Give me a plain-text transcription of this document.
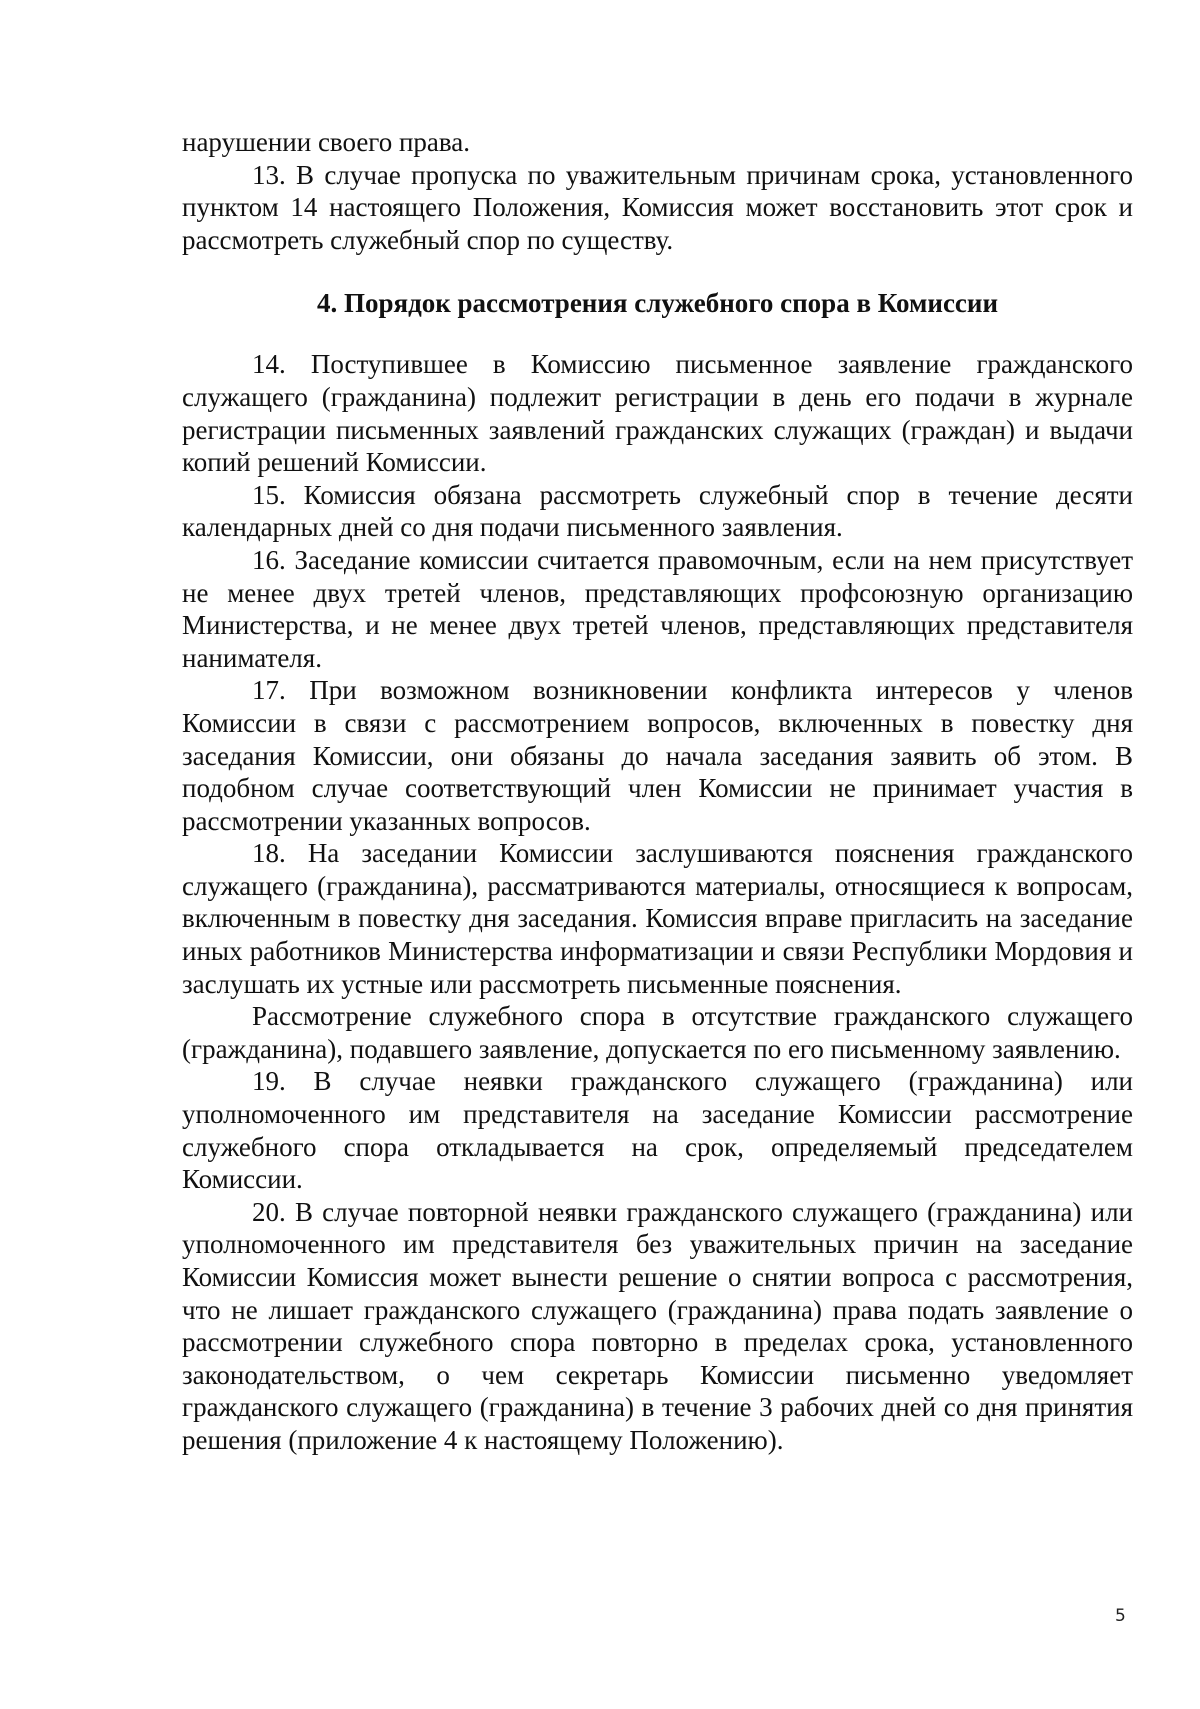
нарушении своего права.

13. В случае пропуска по уважительным причинам срока, установленного пунктом 14 настоящего Положения, Комиссия может восстановить этот срок и рассмотреть служебный спор по существу.

4. Порядок рассмотрения служебного спора в Комиссии

14. Поступившее в Комиссию письменное заявление гражданского служащего (гражданина) подлежит регистрации в день его подачи в журнале регистрации письменных заявлений гражданских служащих (граждан) и выдачи копий решений Комиссии.

15. Комиссия обязана рассмотреть служебный спор в течение десяти календарных дней со дня подачи письменного заявления.

16. Заседание комиссии считается правомочным, если на нем присутствует не менее двух третей членов, представляющих профсоюзную организацию Министерства, и не менее двух третей членов, представляющих представителя нанимателя.

17. При возможном возникновении конфликта интересов у членов Комиссии в связи с рассмотрением вопросов, включенных в повестку дня заседания Комиссии, они обязаны до начала заседания заявить об этом. В подобном случае соответствующий член Комиссии не принимает участия в рассмотрении указанных вопросов.

18. На заседании Комиссии заслушиваются пояснения гражданского служащего (гражданина), рассматриваются материалы, относящиеся к вопросам, включенным в повестку дня заседания. Комиссия вправе пригласить на заседание иных работников Министерства информатизации и связи Республики Мордовия и заслушать их устные или рассмотреть письменные пояснения.

Рассмотрение служебного спора в отсутствие гражданского служащего (гражданина), подавшего заявление, допускается по его письменному заявлению.

19. В случае неявки гражданского служащего (гражданина) или уполномоченного им представителя на заседание Комиссии рассмотрение служебного спора откладывается на срок, определяемый председателем Комиссии.

20. В случае повторной неявки гражданского служащего (гражданина) или уполномоченного им представителя без уважительных причин на заседание Комиссии Комиссия может вынести решение о снятии вопроса с рассмотрения, что не лишает гражданского служащего (гражданина) права подать заявление о рассмотрении служебного спора повторно в пределах срока, установленного законодательством, о чем секретарь Комиссии письменно уведомляет гражданского служащего (гражданина) в течение 3 рабочих дней со дня принятия решения (приложение 4 к настоящему Положению).

5
